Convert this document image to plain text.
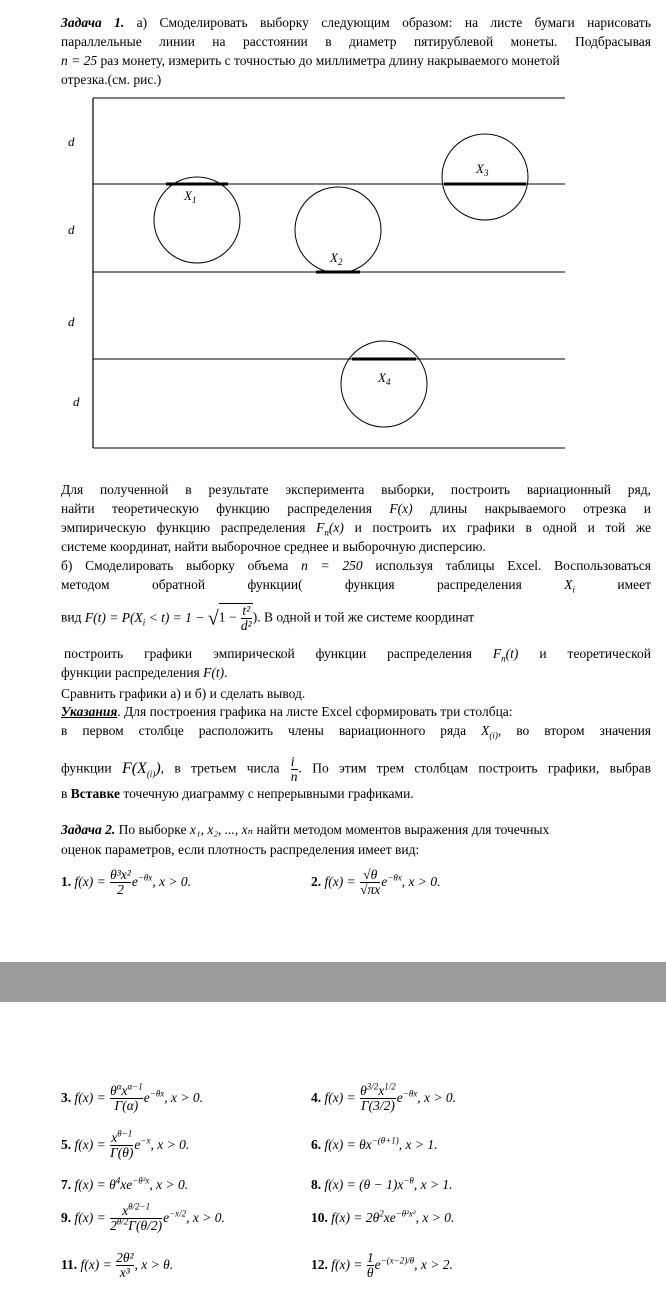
Задача 1. а) Смоделировать выборку следующим образом: на листе бумаги нарисовать
параллельные линии на расстоянии в диаметр пятирублевой монеты. Подбрасывая
n = 25 раз монету, измерить с точностью до миллиметра длину накрываемого монетой
отрезка.(см. рис.)
d
d
d
d
$X_1$
$X_2$
$X_3$
$X_4$
Для полученной в результате эксперимента выборки, построить вариационный ряд,
найти теоретическую функцию распределения F(x) длины накрываемого отрезка и
эмпирическую функцию распределения $F_n(x)$ и построить их графики в одной и той же
системе координат, найти выборочное среднее и выборочную дисперсию.
б) Смоделировать выборку объема n = 250 используя таблицы Excel. Воспользоваться
методом	обратной	функции(	функция	распределения	$X_i$	имеет
вид $F(t) = P(X_i < t) = 1 - √1 - \frac{\text{t²}}{\text{d²}}$ ). В одной и той же системе координат
построить графики эмпирической функции распределения $F_n(t)$ и теоретической
функции распределения F(t).
Сравнить графики а) и б) и сделать вывод.
Указания. Для построения графика на листе Excel сформировать три столбца:
в первом столбце расположить члены вариационного ряда $X_{(i)}$, во втором значения
функции $F(X_{(i)})$, в третьем числа $\frac{i}{n}$ . По этим трем столбцам построить графики, выбрав
в Вставке точечную диаграмму с непрерывными графиками.
Задача 2. По выборке x₁, x₂, ..., xₙ найти методом моментов выражения для точечных
оценок параметров, если плотность распределения имеет вид:
1. $f(x) = \frac{\text{θ³x²}}{2} e^{-\theta x}$, x > 0.	2. $f(x) = \frac{√\theta}{√\pi x} e^{-\theta x}$, x > 0.
3. $f(x) = \frac{\theta^\alpha x^{\alpha-1}}{\Gamma(\alpha)} e^{-\theta x}$, x > 0.	4. $f(x) = \frac{\theta^{3/2}x^{1/2}}{\Gamma(3/2)} e^{-\theta x}$, x > 0.
5. $f(x) = \frac{x^{\theta-1}}{\Gamma(\theta)} e^{-x}$, x > 0.	6. $f(x) = \theta x^{-(\theta+1)}$, x > 1.
7. $f(x) = \theta^4xe^{-\theta^2x}$, x > 0.	8. $f(x) = (\theta - 1)x^{-\theta}$, x > 1.
9. $f(x) = \frac{x^{\theta/2-1}}{2^{\theta/2}\Gamma(\theta/2)} e^{-x/2}$, x > 0.	10. $f(x) = 2\theta^2xe^{-\theta^2x^2}$, x > 0.
11. $f(x) = \frac{\text{2θ²}}{\text{x³}}$ , x > θ.	12. $f(x) = \frac{1}{\theta} e^{-(x-2)/\theta}$, x > 2.
